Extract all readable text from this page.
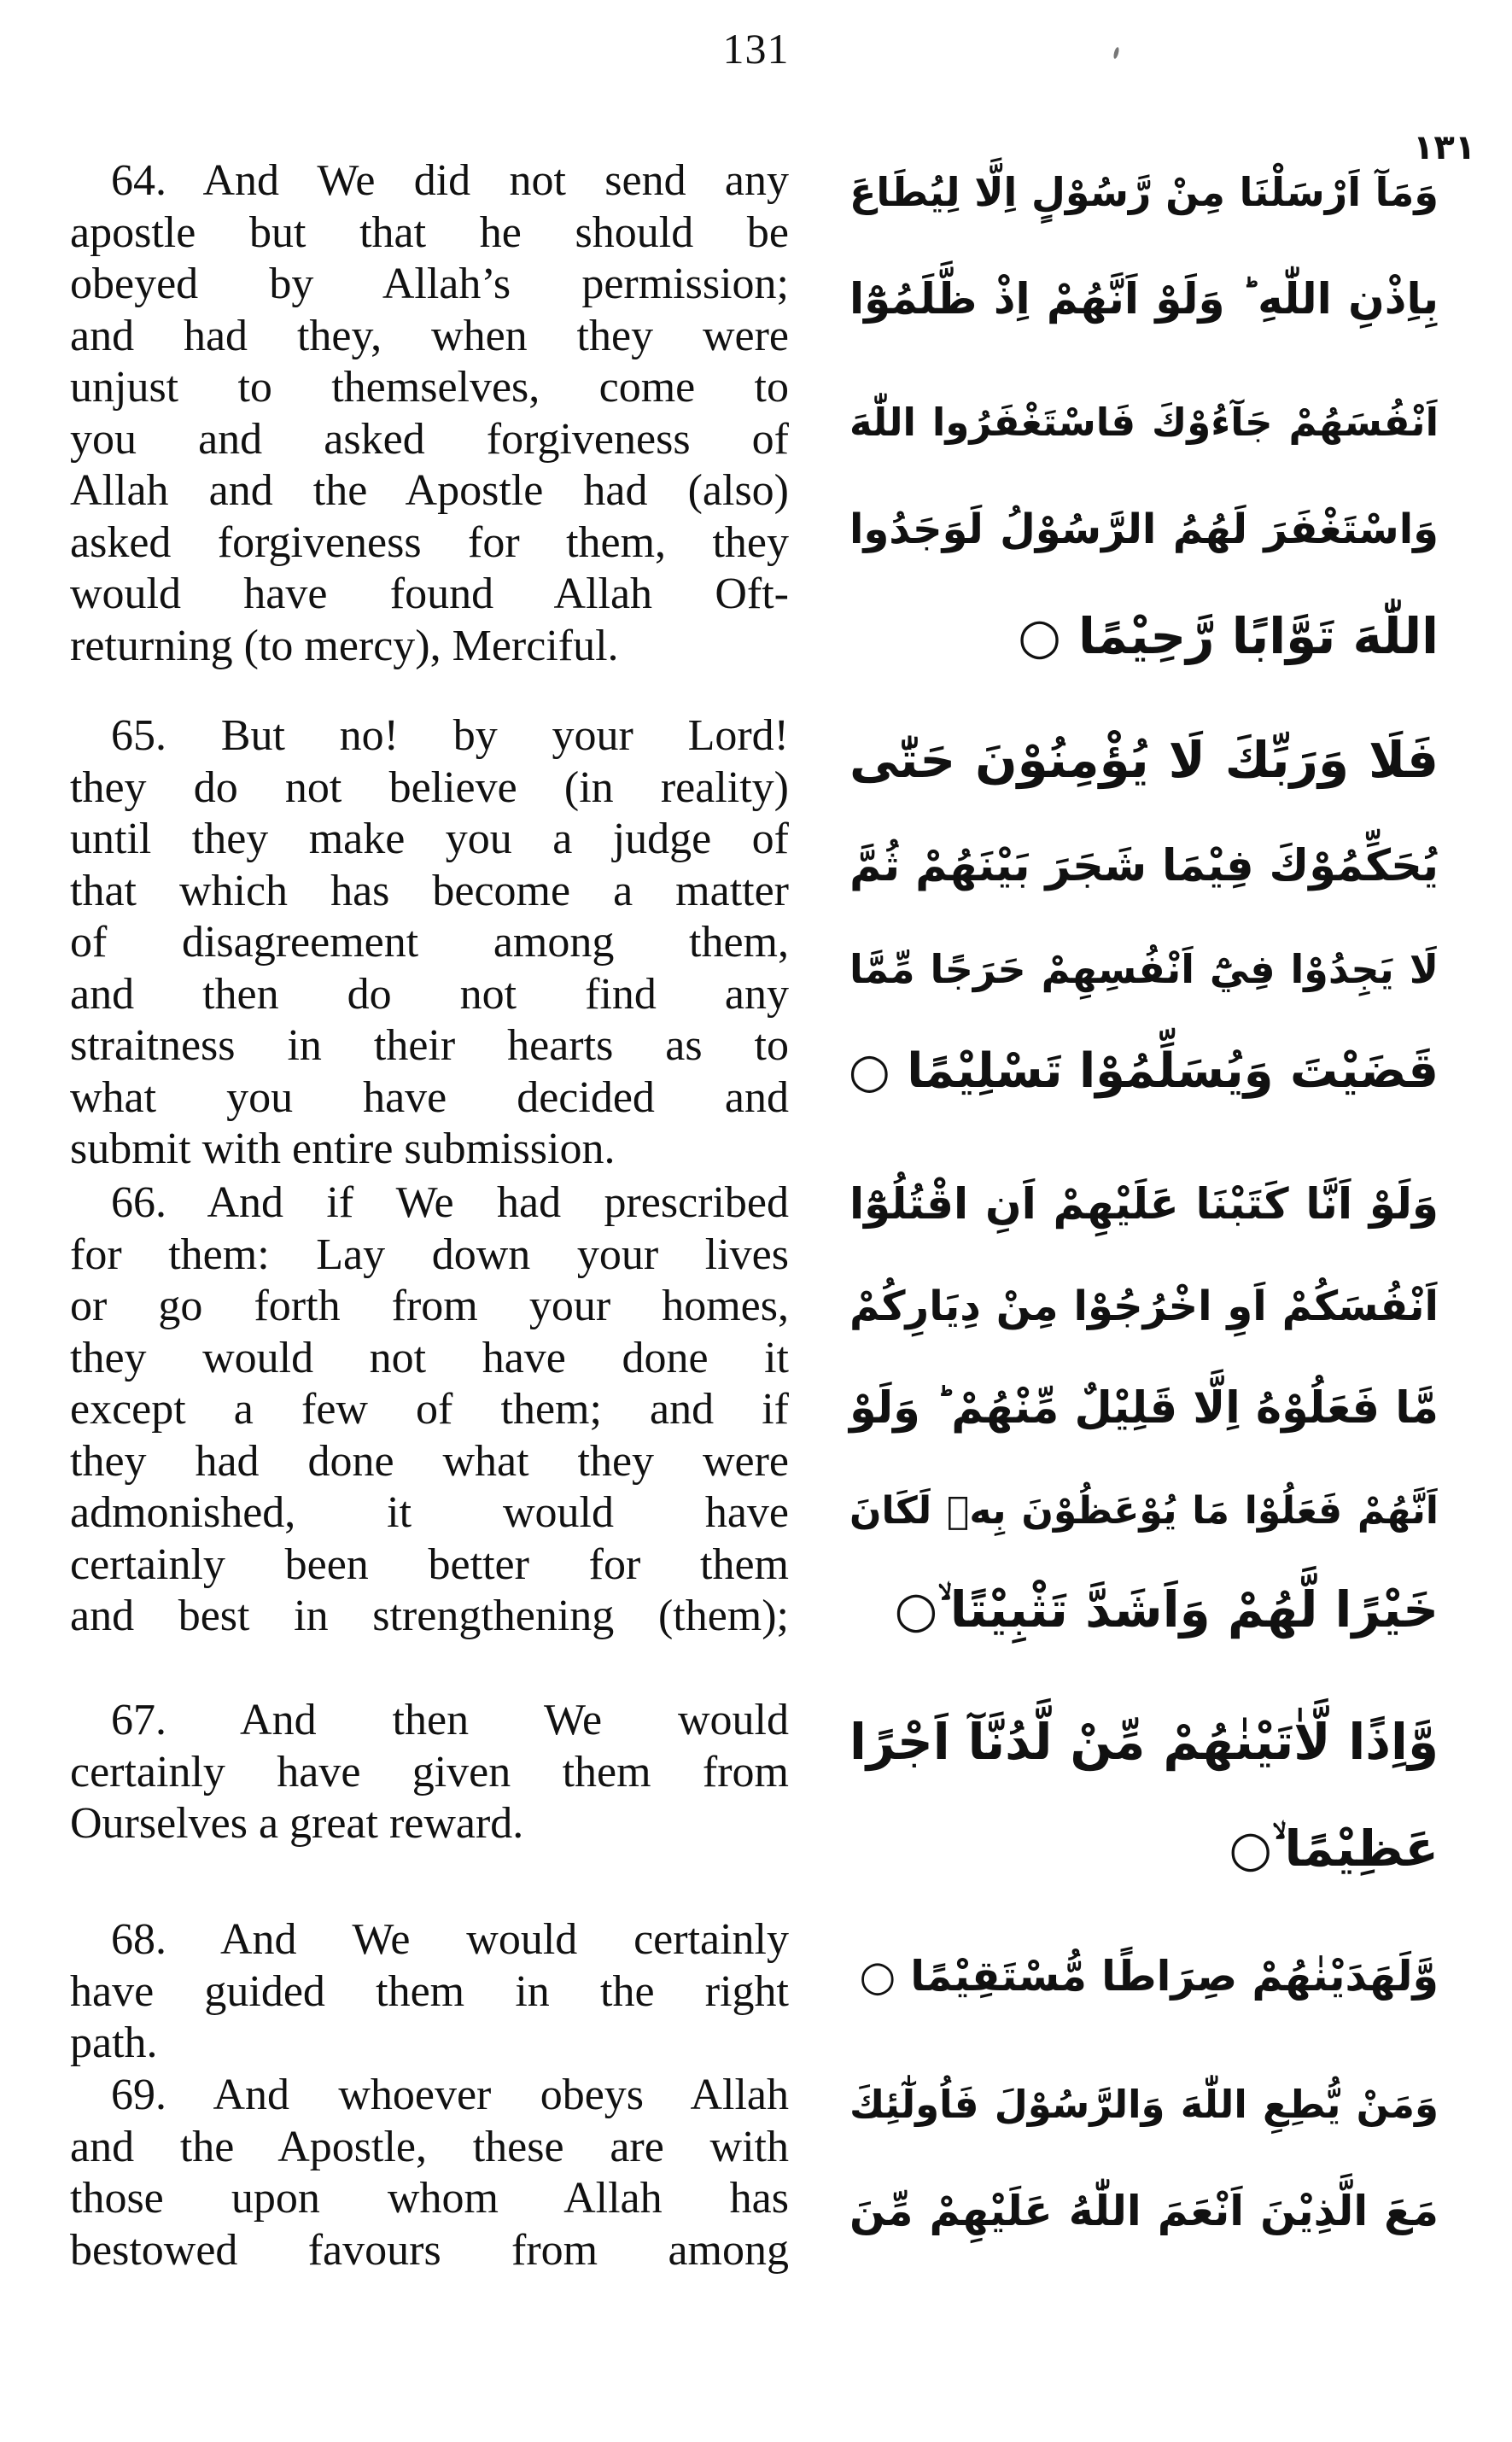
131
١٣١
64. And We did not send any
apostle but that he should be
obeyed by Allah’s permission;
and had they, when they were
unjust to themselves, come to
you and asked forgiveness of
Allah and the Apostle had (also)
asked forgiveness for them, they
would have found Allah Oft-
returning (to mercy), Merciful.
65. But no! by your Lord!
they do not believe (in reality)
until they make you a judge of
that which has become a matter
of disagreement among them,
and then do not find any
straitness in their hearts as to
what you have decided and
submit with entire submission.
66. And if We had prescribed
for them: Lay down your lives
or go forth from your homes,
they would not have done it
except a few of them; and if
they had done what they were
admonished, it would have
certainly been better for them
and best in strengthening (them);
67. And then We would
certainly have given them from
Ourselves a great reward.
68. And We would certainly
have guided them in the right
path.
69. And whoever obeys Allah
and the Apostle, these are with
those upon whom Allah has
bestowed favours from among
وَمَآ اَرْسَلْنَا مِنْ رَّسُوْلٍ اِلَّا لِيُطَاعَ
بِاِذْنِ اللّٰهِ ؕ وَلَوْ اَنَّهُمْ اِذْ ظَّلَمُوْٓا
اَنْفُسَهُمْ جَآءُوْكَ فَاسْتَغْفَرُوا اللّٰهَ
وَاسْتَغْفَرَ لَهُمُ الرَّسُوْلُ لَوَجَدُوا
اللّٰهَ تَوَّابًا رَّحِيْمًا ○
فَلَا وَرَبِّكَ لَا يُؤْمِنُوْنَ حَتّٰى
يُحَكِّمُوْكَ فِيْمَا شَجَرَ بَيْنَهُمْ ثُمَّ
لَا يَجِدُوْا فِيْٓ اَنْفُسِهِمْ حَرَجًا مِّمَّا
قَضَيْتَ وَيُسَلِّمُوْا تَسْلِيْمًا ○
وَلَوْ اَنَّا كَتَبْنَا عَلَيْهِمْ اَنِ اقْتُلُوْٓا
اَنْفُسَكُمْ اَوِ اخْرُجُوْا مِنْ دِيَارِكُمْ
مَّا فَعَلُوْهُ اِلَّا قَلِيْلٌ مِّنْهُمْ ؕ وَلَوْ
اَنَّهُمْ فَعَلُوْا مَا يُوْعَظُوْنَ بِهٖ لَكَانَ
خَيْرًا لَّهُمْ وَاَشَدَّ تَثْبِيْتًا ۙ○
وَّاِذًا لَّاٰتَيْنٰهُمْ مِّنْ لَّدُنَّآ اَجْرًا
عَظِيْمًا ۙ○
وَّلَهَدَيْنٰهُمْ صِرَاطًا مُّسْتَقِيْمًا ○
وَمَنْ يُّطِعِ اللّٰهَ وَالرَّسُوْلَ فَاُولٰٓئِكَ
مَعَ الَّذِيْنَ اَنْعَمَ اللّٰهُ عَلَيْهِمْ مِّنَ
